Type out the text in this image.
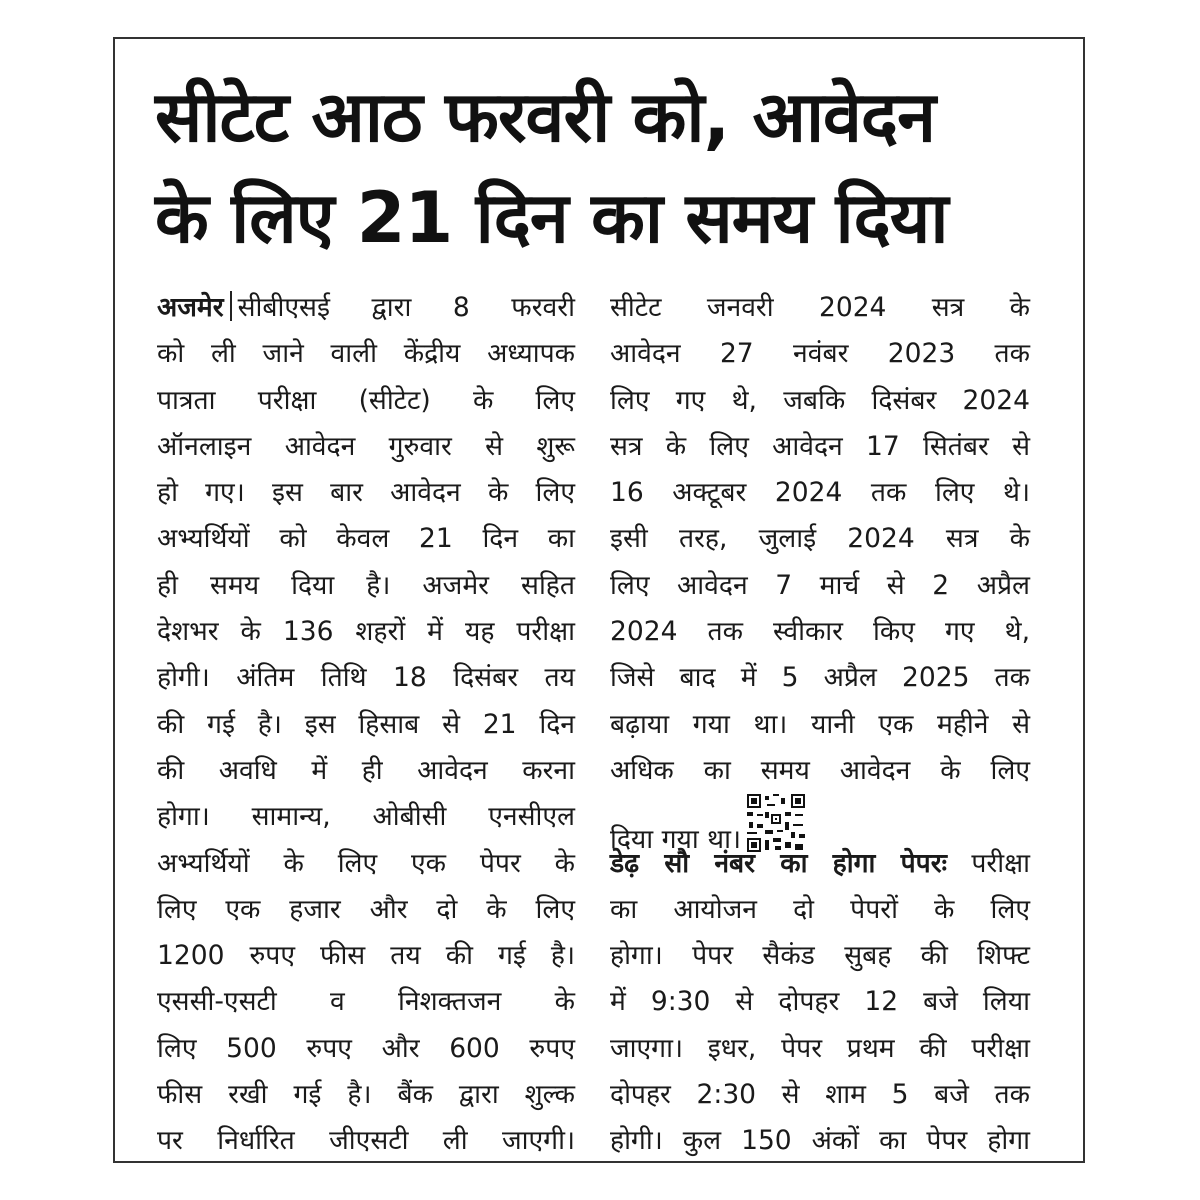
सीटेट आठ फरवरी को, आवेदन
के लिए 21 दिन का समय दिया
अजमेर सीबीएसई द्वारा 8 फरवरी
को ली जाने वाली केंद्रीय अध्यापक
पात्रता परीक्षा (सीटेट) के लिए
ऑनलाइन आवेदन गुरुवार से शुरू
हो गए। इस बार आवेदन के लिए
अभ्यर्थियों को केवल 21 दिन का
ही समय दिया है। अजमेर सहित
देशभर के 136 शहरों में यह परीक्षा
होगी। अंतिम तिथि 18 दिसंबर तय
की गई है। इस हिसाब से 21 दिन
की अवधि में ही आवेदन करना
होगा। सामान्य, ओबीसी एनसीएल
अभ्यर्थियों के लिए एक पेपर के
लिए एक हजार और दो के लिए
1200 रुपए फीस तय की गई है।
एससी-एसटी व निशक्तजन के
लिए 500 रुपए और 600 रुपए
फीस रखी गई है। बैंक द्वारा शुल्क
पर निर्धारित जीएसटी ली जाएगी।
सीटेट जनवरी 2024 सत्र के
आवेदन 27 नवंबर 2023 तक
लिए गए थे, जबकि दिसंबर 2024
सत्र के लिए आवेदन 17 सितंबर से
16 अक्टूबर 2024 तक लिए थे।
इसी तरह, जुलाई 2024 सत्र के
लिए आवेदन 7 मार्च से 2 अप्रैल
2024 तक स्वीकार किए गए थे,
जिसे बाद में 5 अप्रैल 2025 तक
बढ़ाया गया था। यानी एक महीने से
अधिक का समय आवेदन के लिए
दिया गया था।
डेढ़ सौ नंबर का होगा पेपरः परीक्षा
का आयोजन दो पेपरों के लिए
होगा। पेपर सैकंड सुबह की शिफ्ट
में 9:30 से दोपहर 12 बजे लिया
जाएगा। इधर, पेपर प्रथम की परीक्षा
दोपहर 2:30 से शाम 5 बजे तक
होगी। कुल 150 अंकों का पेपर होगा
